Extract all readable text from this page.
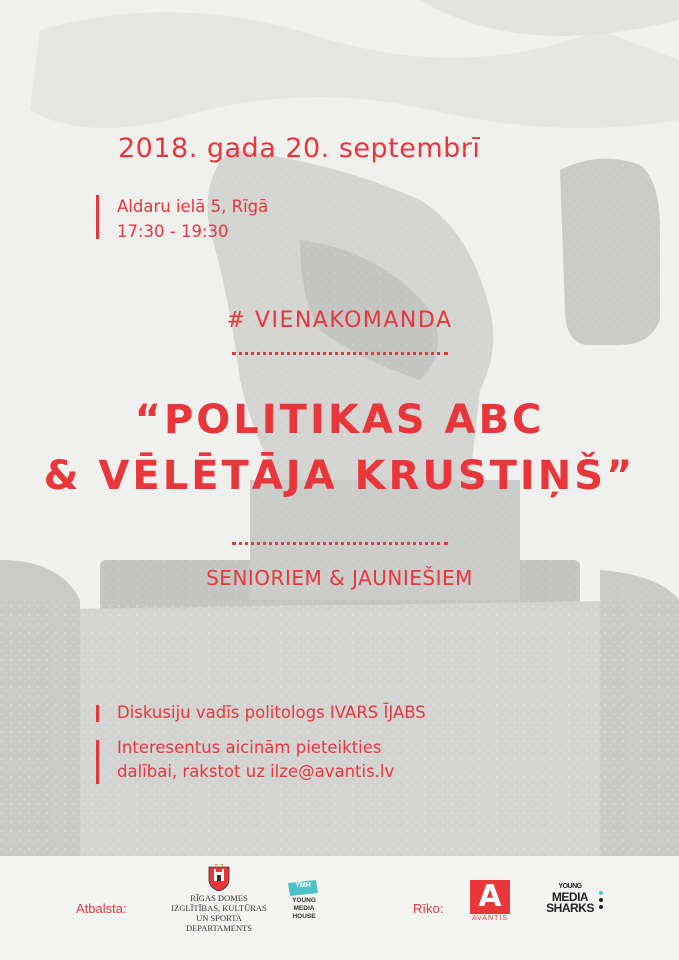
2018. gada 20. septembrī
Aldaru ielā 5, Rīgā
17:30 - 19:30
# VIENAKOMANDA
“POLITIKAS ABC
& VĒLĒTĀJA KRUSTIŅŠ”
SENIORIEM & JAUNIEŠIEM
Diskusiju vadīs politologs IVARS ĪJABS
Interesentus aicinām pieteikties
dalībai, rakstot uz ilze@avantis.lv
Atbalsta:
RĪGAS DOMES
IZGLĪTĪBAS, KULTŪRAS
UN SPORTA DEPARTAMENTS
YMH
YOUNG
MEDIA
HOUSE
Rīko: A
AVANTIS
YOUNG
MEDIA
SHARKS
